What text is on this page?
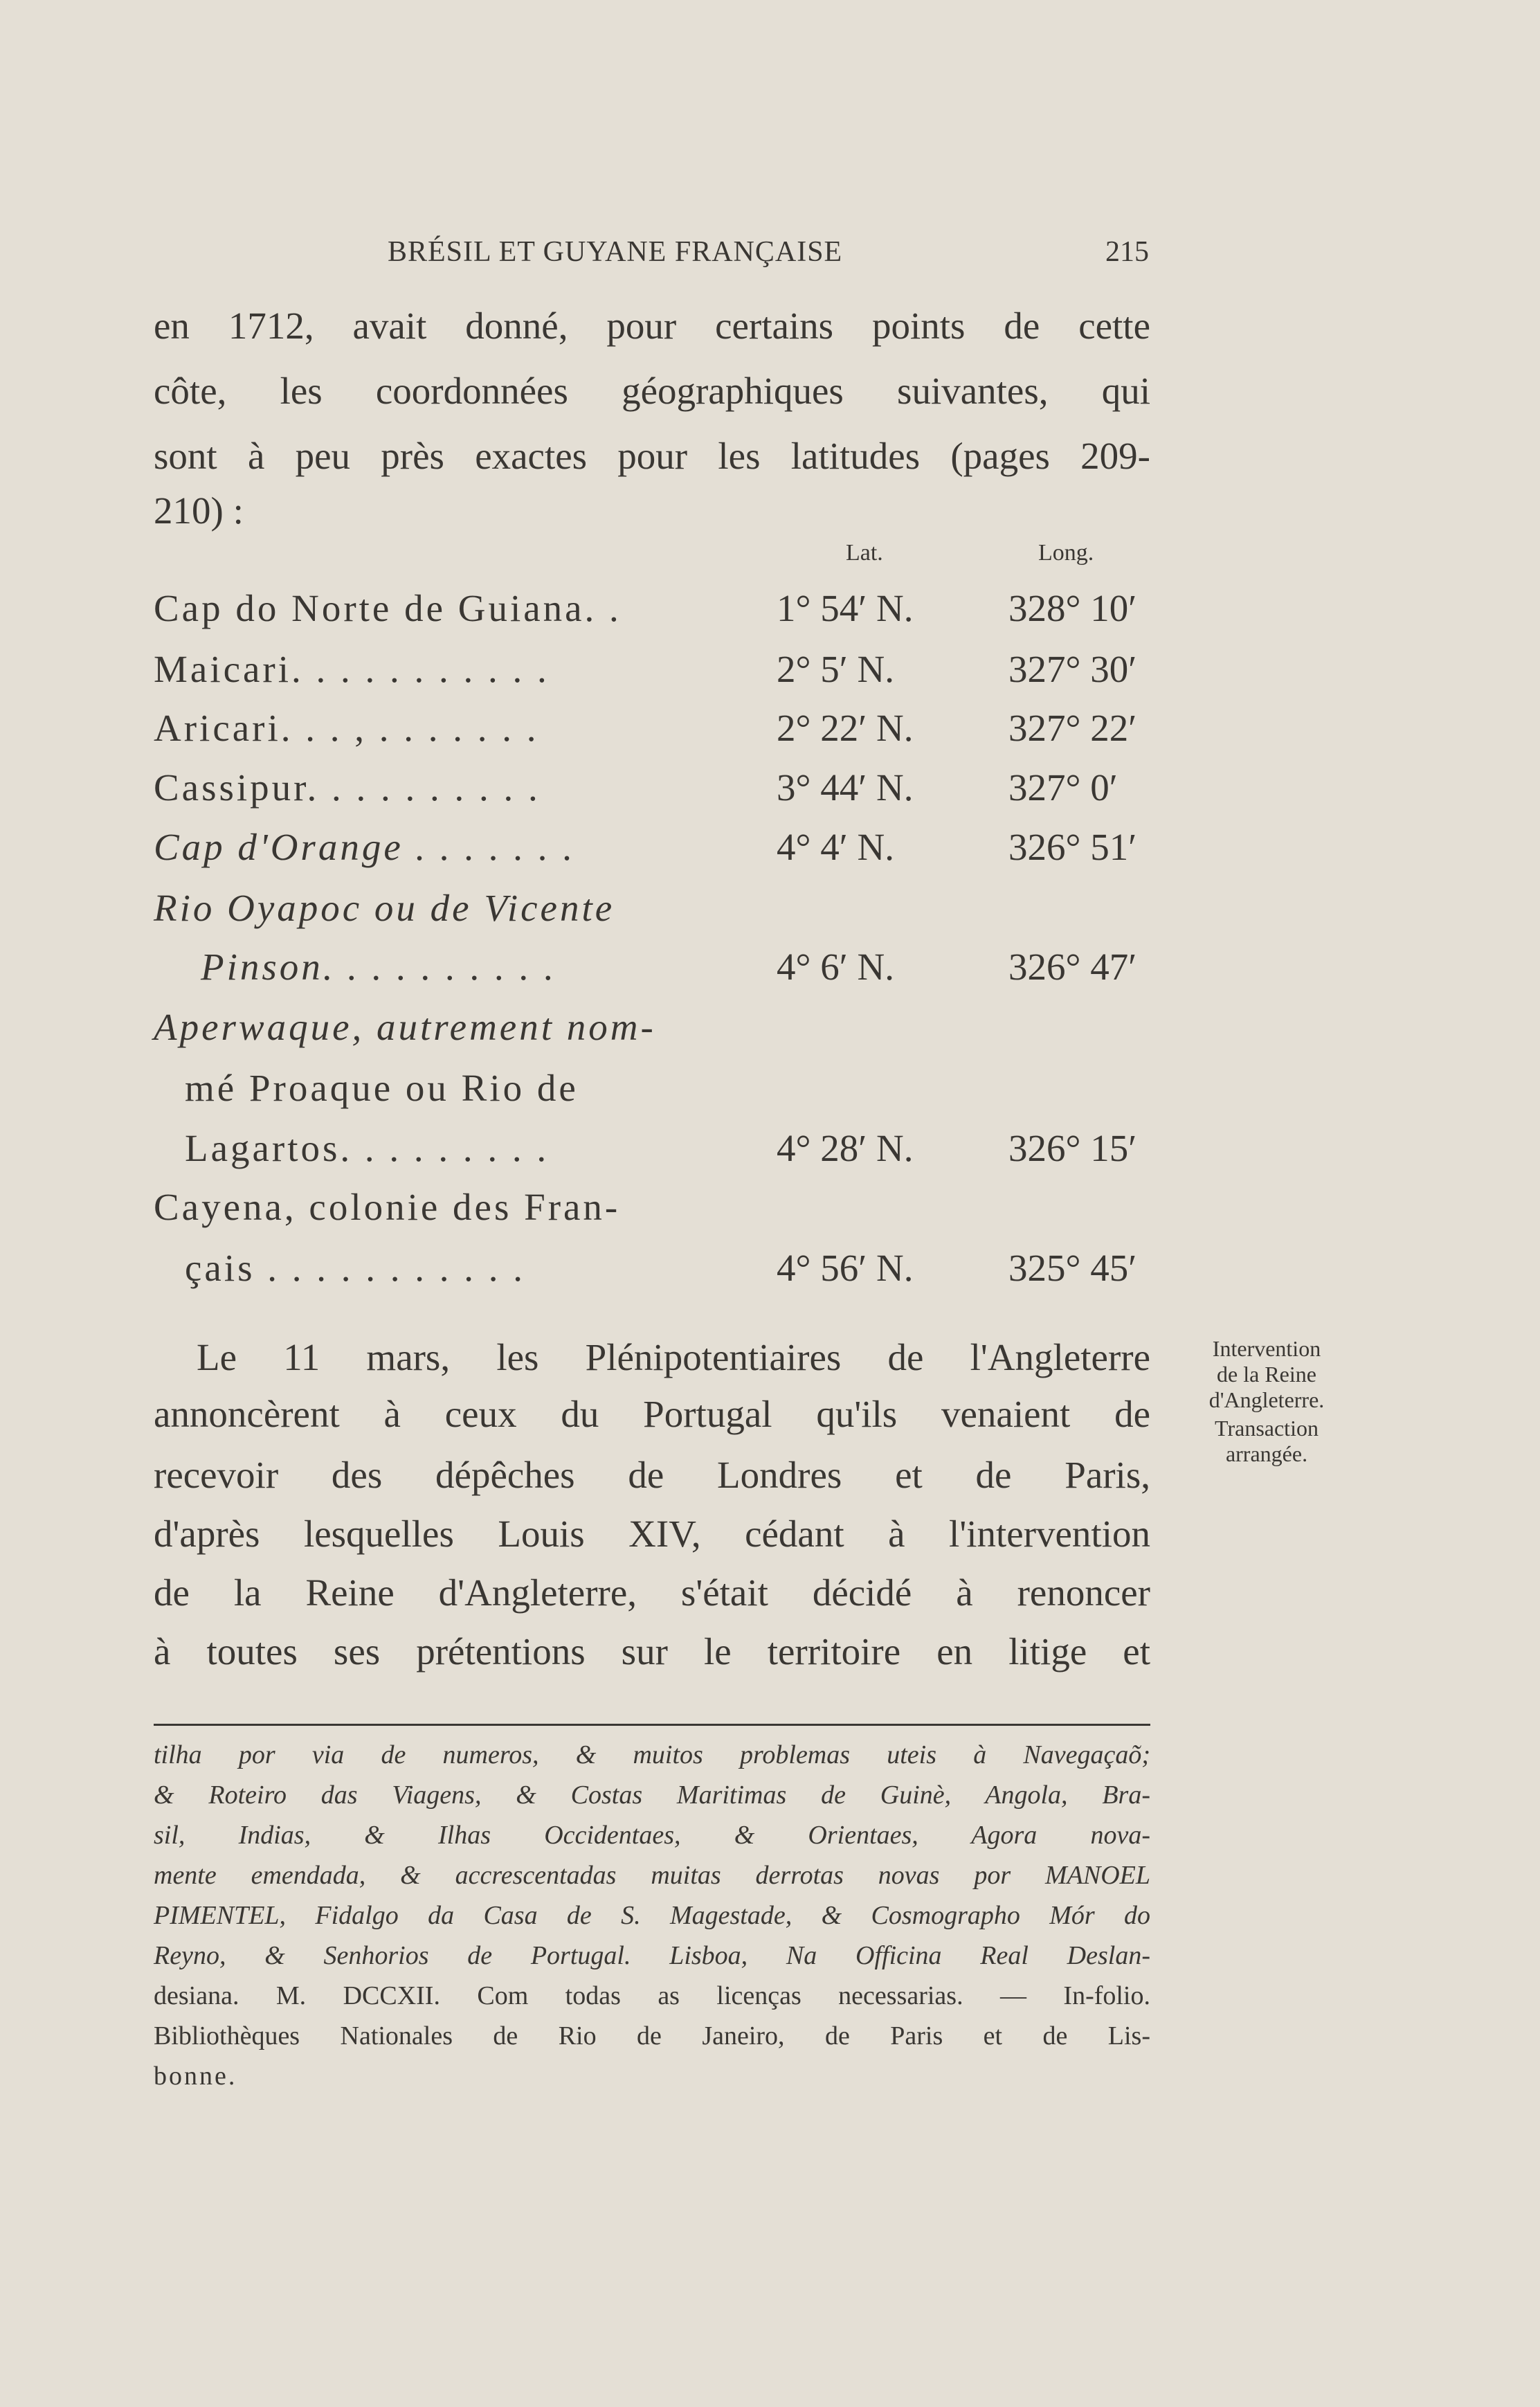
BRÉSIL ET GUYANE FRANÇAISE	215
en 1712, avait donné, pour certains points de cette
côte, les coordonnées géographiques suivantes, qui
sont à peu près exactes pour les latitudes (pages 209-
210) :
Lat.	Long.
Cap do Norte de Guiana. .	1° 54′ N.	328° 10′
Maicari. . . . . . . . . . .	2° 5′ N.	327° 30′
Aricari. . . , . . . . . . .	2° 22′ N.	327° 22′
Cassipur. . . . . . . . . .	3° 44′ N.	327° 0′
Cap d'Orange . . . . . . .	4° 4′ N.	326° 51′
Rio Oyapoc ou de Vicente
Pinson. . . . . . . . . .	4° 6′ N.	326° 47′
Aperwaque, autrement nom-
mé Proaque ou Rio de
Lagartos. . . . . . . . .	4° 28′ N.	326° 15′
Cayena, colonie des Fran-
çais . . . . . . . . . . .	4° 56′ N.	325° 45′
Le 11 mars, les Plénipotentiaires de l'Angleterre
annoncèrent à ceux du Portugal qu'ils venaient de
recevoir des dépêches de Londres et de Paris,
d'après lesquelles Louis XIV, cédant à l'intervention
de la Reine d'Angleterre, s'était décidé à renoncer
à toutes ses prétentions sur le territoire en litige et
Intervention
de la Reine
d'Angleterre.
Transaction
arrangée.
tilha por via de numeros, & muitos problemas uteis à Navegaçaõ;
& Roteiro das Viagens, & Costas Maritimas de Guinè, Angola, Bra-
sil, Indias, & Ilhas Occidentaes, & Orientaes, Agora nova-
mente emendada, & accrescentadas muitas derrotas novas por MANOEL
PIMENTEL, Fidalgo da Casa de S. Magestade, & Cosmographo Mór do
Reyno, & Senhorios de Portugal. Lisboa, Na Officina Real Deslan-
desiana. M. DCCXII. Com todas as licenças necessarias. — In-folio.
Bibliothèques Nationales de Rio de Janeiro, de Paris et de Lis-
bonne.
